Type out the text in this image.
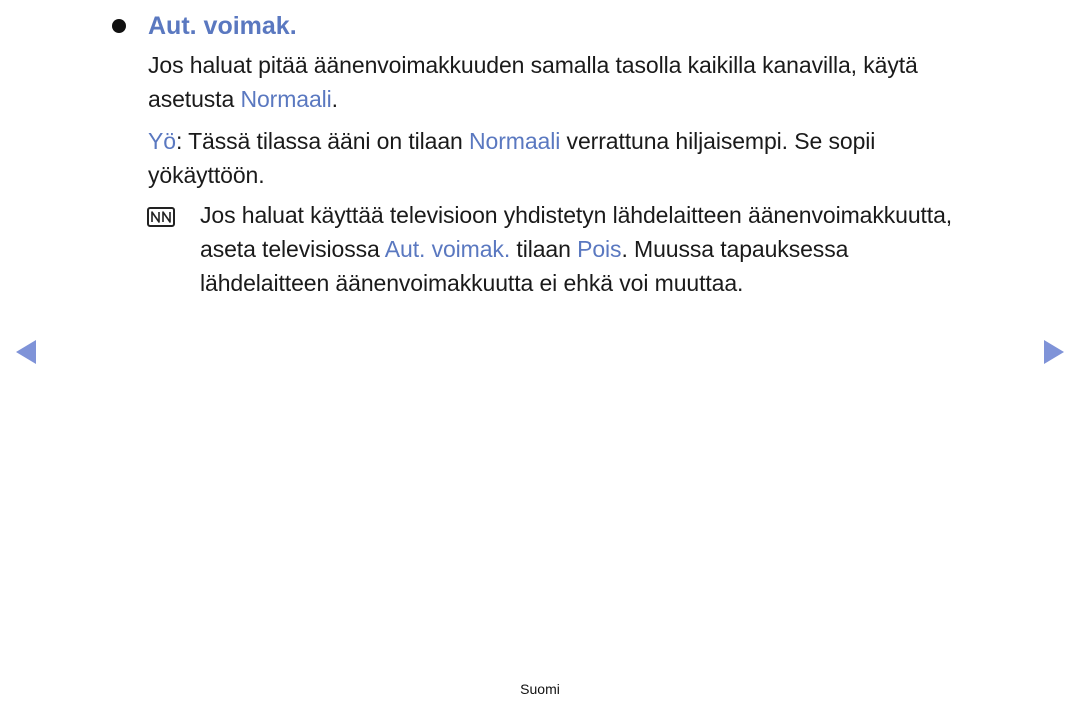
Aut. voimak.
Jos haluat pitää äänenvoimakkuuden samalla tasolla kaikilla kanavilla, käytä
asetusta Normaali.
Yö: Tässä tilassa ääni on tilaan Normaali verrattuna hiljaisempi. Se sopii
yökäyttöön.
Jos haluat käyttää televisioon yhdistetyn lähdelaitteen äänenvoimakkuutta,
aseta televisiossa Aut. voimak. tilaan Pois. Muussa tapauksessa
lähdelaitteen äänenvoimakkuutta ei ehkä voi muuttaa.
Suomi
